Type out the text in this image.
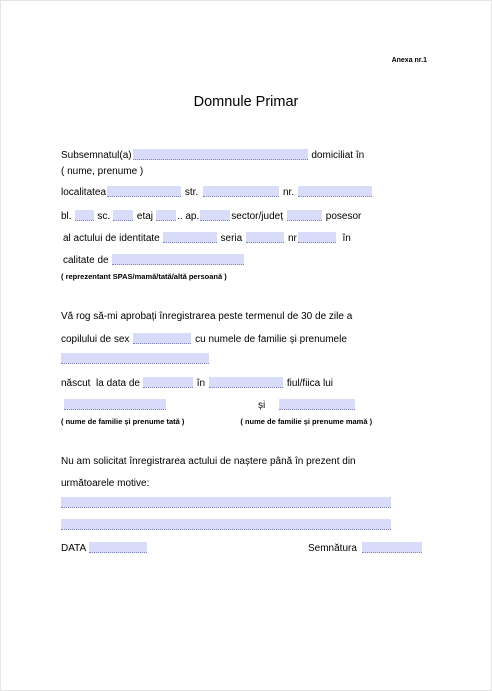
Anexa nr.1
Domnule Primar
Subsemnatul(a)
	domiciliat în
( nume, prenume )
localitatea
	str.
	nr.
bl.
	sc.
	etaj ..
ap.	sector/județ
	posesor
al actului de identitate
	seria
	nr
	în
calitate de
( reprezentant SPAS/mamă/tată/altă persoană )
Vă rog să-mi aprobați înregistrarea peste termenul de 30 de zile a
copilului de sex
	cu numele de familie și prenumele
născut  la data de
	în
	fiul/fiica lui
și
( nume de familie și prenume tată )	( nume de familie și prenume mamă )
Nu am solicitat înregistrarea actului de naștere până în prezent din
următoarele motive:
DATA	Semnătura
